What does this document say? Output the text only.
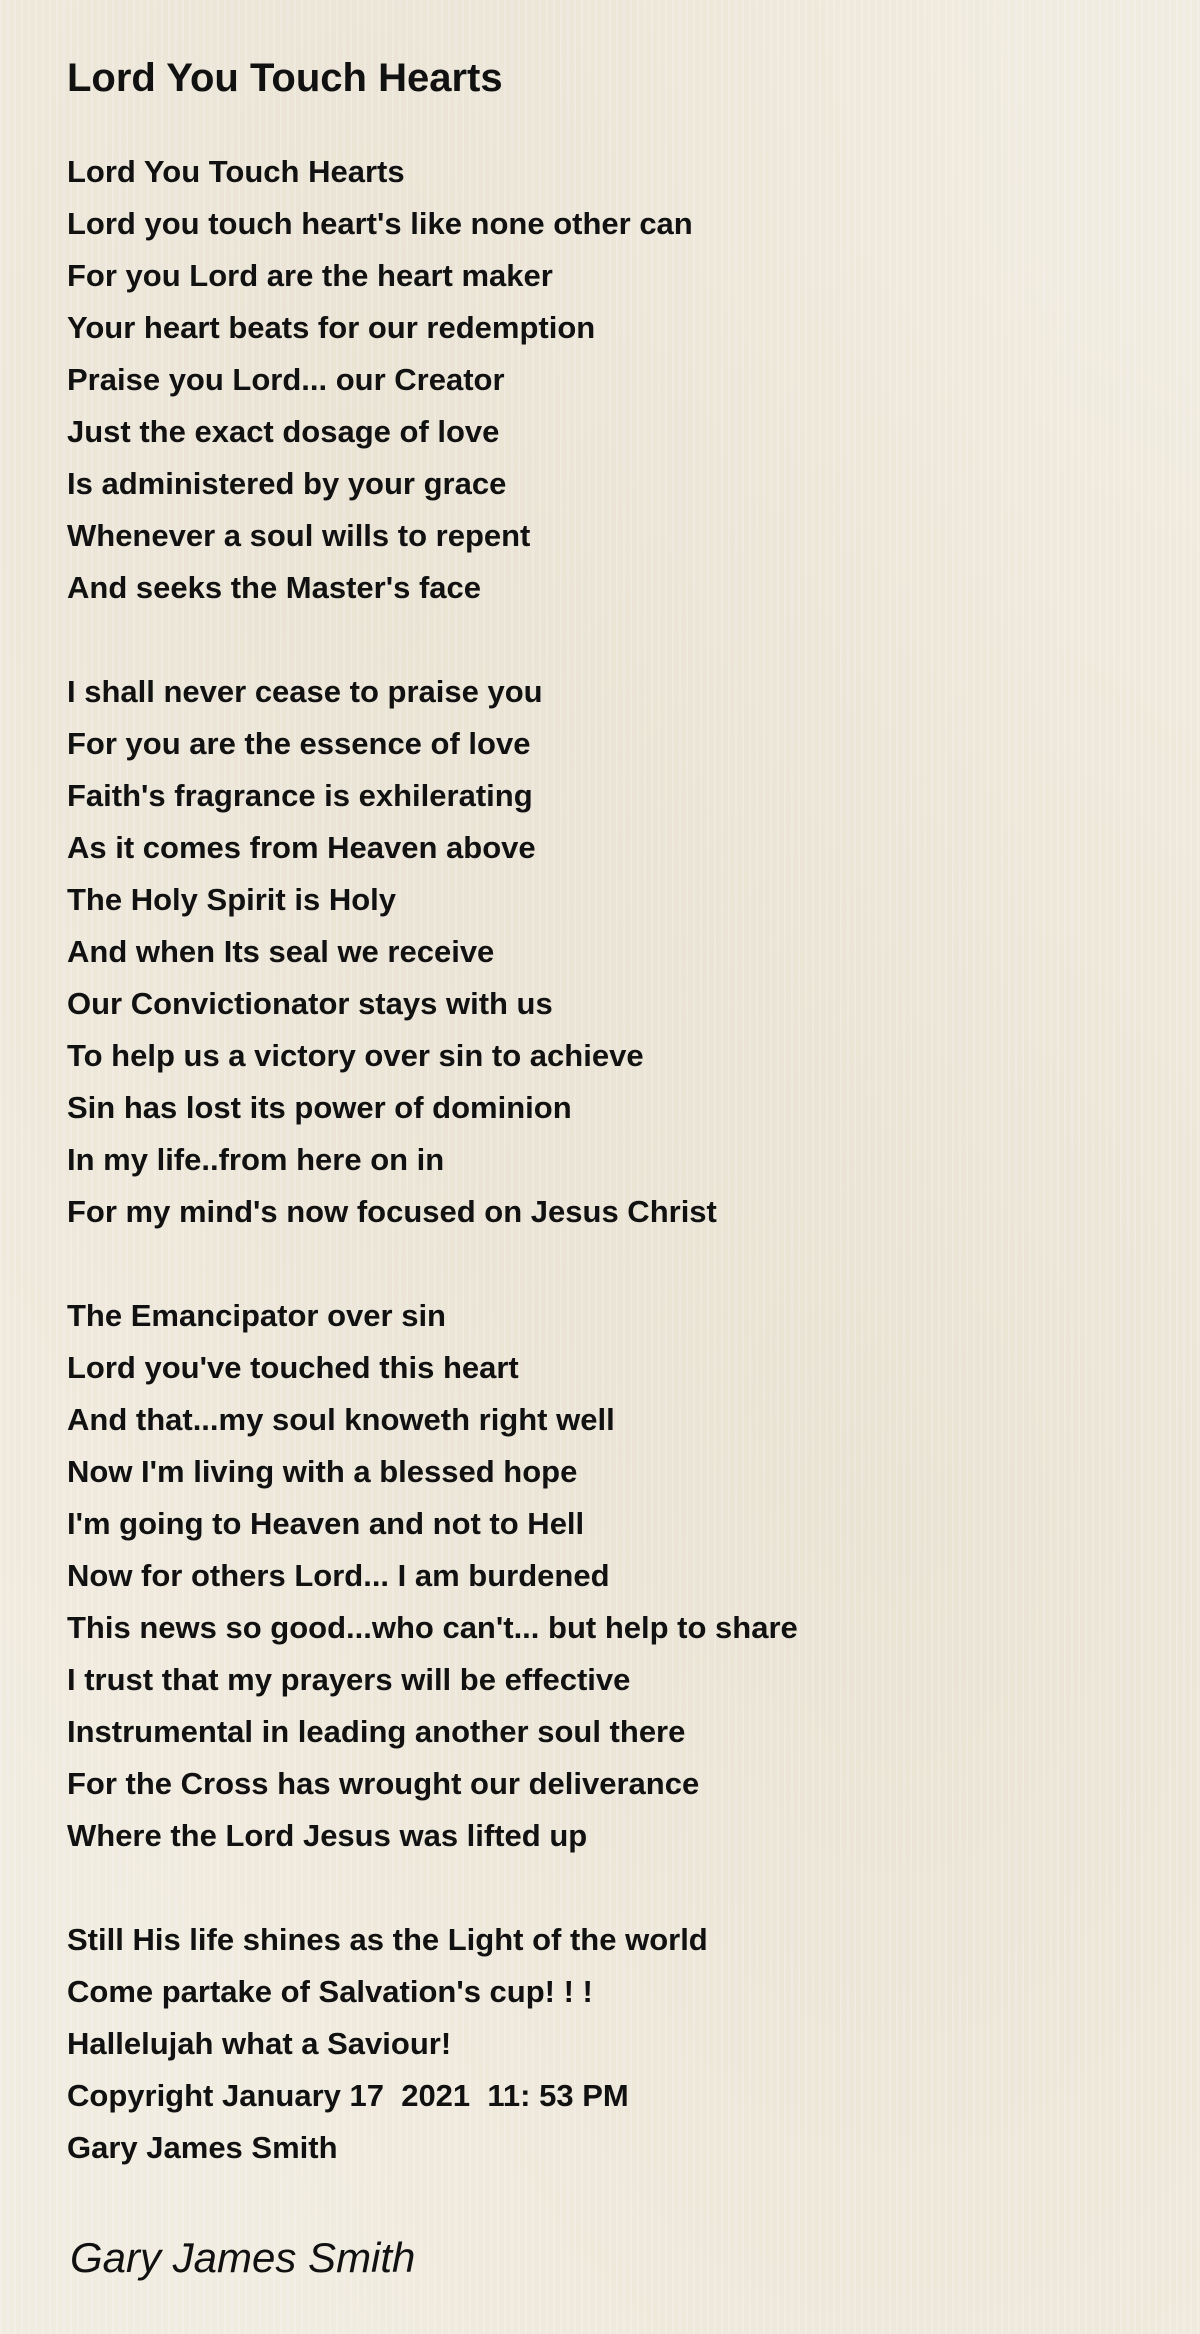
Lord You Touch Hearts
Lord You Touch Hearts
Lord you touch heart's like none other can
For you Lord are the heart maker
Your heart beats for our redemption
Praise you Lord... our Creator
Just the exact dosage of love
Is administered by your grace
Whenever a soul wills to repent
And seeks the Master's face
I shall never cease to praise you
For you are the essence of love
Faith's fragrance is exhilerating
As it comes from Heaven above
The Holy Spirit is Holy
And when Its seal we receive
Our Convictionator stays with us
To help us a victory over sin to achieve
Sin has lost its power of dominion
In my life..from here on in
For my mind's now focused on Jesus Christ
The Emancipator over sin
Lord you've touched this heart
And that...my soul knoweth right well
Now I'm living with a blessed hope
I'm going to Heaven and not to Hell
Now for others Lord... I am burdened
This news so good...who can't... but help to share
I trust that my prayers will be effective
Instrumental in leading another soul there
For the Cross has wrought our deliverance
Where the Lord Jesus was lifted up
Still His life shines as the Light of the world
Come partake of Salvation's cup! ! !
Hallelujah what a Saviour!
Copyright January 17  2021  11: 53 PM
Gary James Smith
Gary James Smith
